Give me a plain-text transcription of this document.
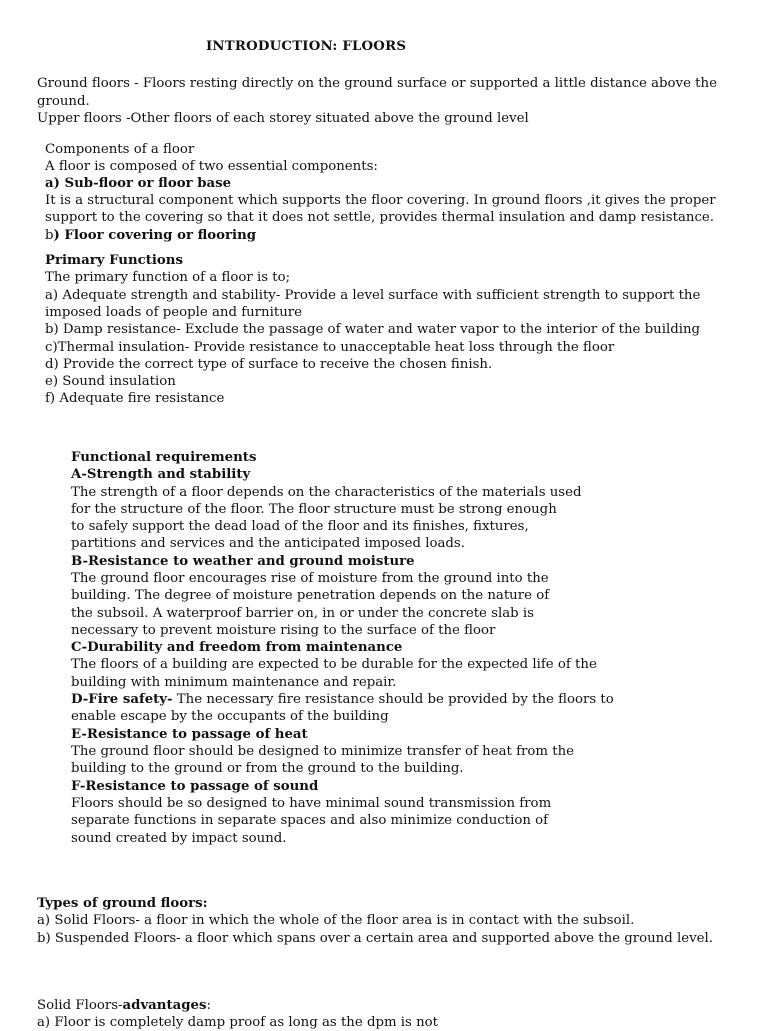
INTRODUCTION: FLOORS
Ground floors - Floors resting directly on the ground surface or supported a little distance above the
ground.
Upper floors -Other floors of each storey situated above the ground level
Components of a floor
A floor is composed of two essential components:
a) Sub-floor or floor base
It is a structural component which supports the floor covering. In ground floors ,it gives the proper
support to the covering so that it does not settle, provides thermal insulation and damp resistance.
b) Floor covering or flooring
Primary Functions
The primary function of a floor is to;
a) Adequate strength and stability- Provide a level surface with sufficient strength to support the
imposed loads of people and furniture
b) Damp resistance- Exclude the passage of water and water vapor to the interior of the building
c)Thermal insulation- Provide resistance to unacceptable heat loss through the floor
d) Provide the correct type of surface to receive the chosen finish.
e) Sound insulation
f) Adequate fire resistance
Functional requirements
A-Strength and stability
The strength of a floor depends on the characteristics of the materials used
for the structure of the floor. The floor structure must be strong enough
to safely support the dead load of the floor and its finishes, fixtures,
partitions and services and the anticipated imposed loads.
B-Resistance to weather and ground moisture
The ground floor encourages rise of moisture from the ground into the
building. The degree of moisture penetration depends on the nature of
the subsoil. A waterproof barrier on, in or under the concrete slab is
necessary to prevent moisture rising to the surface of the floor
C-Durability and freedom from maintenance
The floors of a building are expected to be durable for the expected life of the
building with minimum maintenance and repair.
D-Fire safety- The necessary fire resistance should be provided by the floors to
enable escape by the occupants of the building
E-Resistance to passage of heat
The ground floor should be designed to minimize transfer of heat from the
building to the ground or from the ground to the building.
F-Resistance to passage of sound
Floors should be so designed to have minimal sound transmission from
separate functions in separate spaces and also minimize conduction of
sound created by impact sound.
Types of ground floors:
a) Solid Floors- a floor in which the whole of the floor area is in contact with the subsoil.
b) Suspended Floors- a floor which spans over a certain area and supported above the ground level.
Solid Floors-advantages:
a) Floor is completely damp proof as long as the dpm is not
